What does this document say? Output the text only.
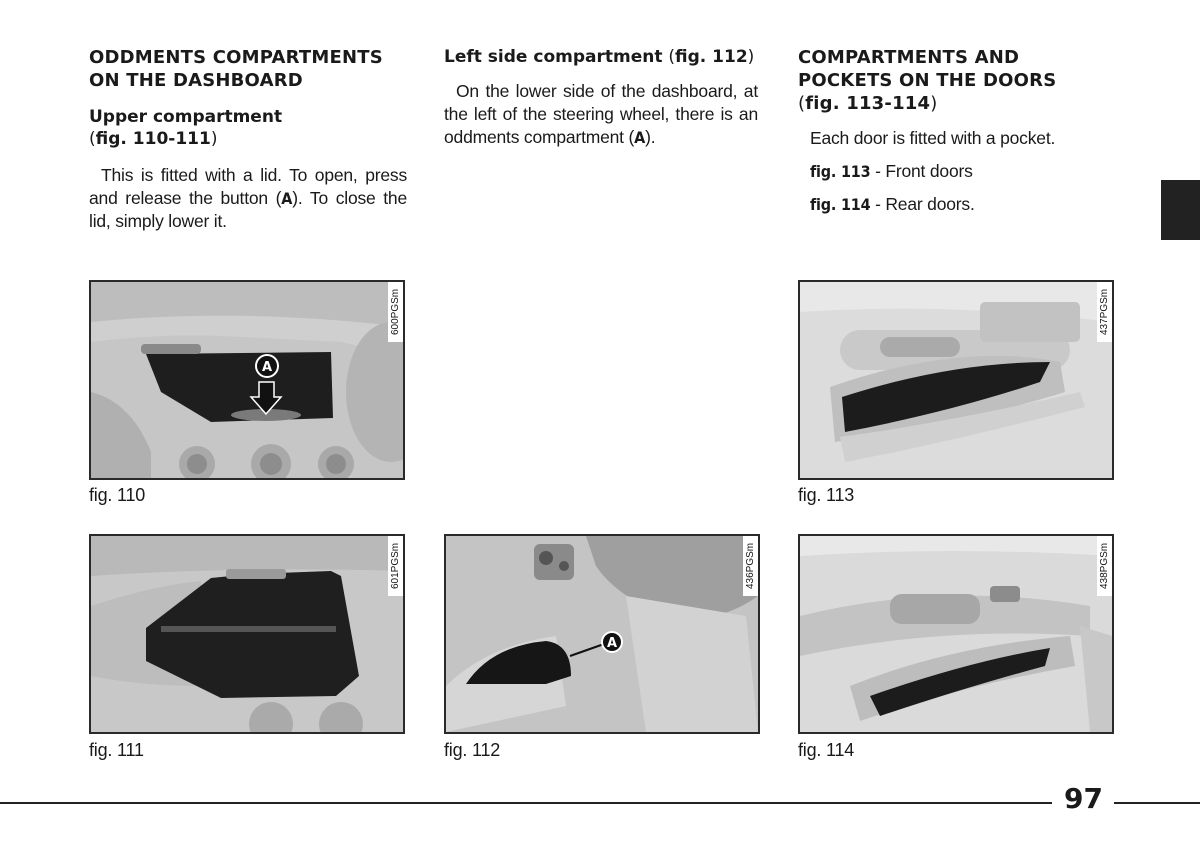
ODDMENTS COMPARTMENTS ON THE DASHBOARD
Upper compartment
(fig. 110-111)

This is fitted with a lid. To open, press and release the button (A). To close the lid, simply lower it.

Left side compartment (fig. 112)

On the lower side of the dashboard, at the left of the steering wheel, there is an oddments compartment (A).

COMPARTMENTS AND POCKETS ON THE DOORS
(fig. 113-114)

Each door is fitted with a pocket.

fig. 113 - Front doors

fig. 114 - Rear doors.

A
600PGSm
fig. 110
437PGSm
fig. 113
601PGSm
fig. 111
A
436PGSm
fig. 112
438PGSm
fig. 114
97
